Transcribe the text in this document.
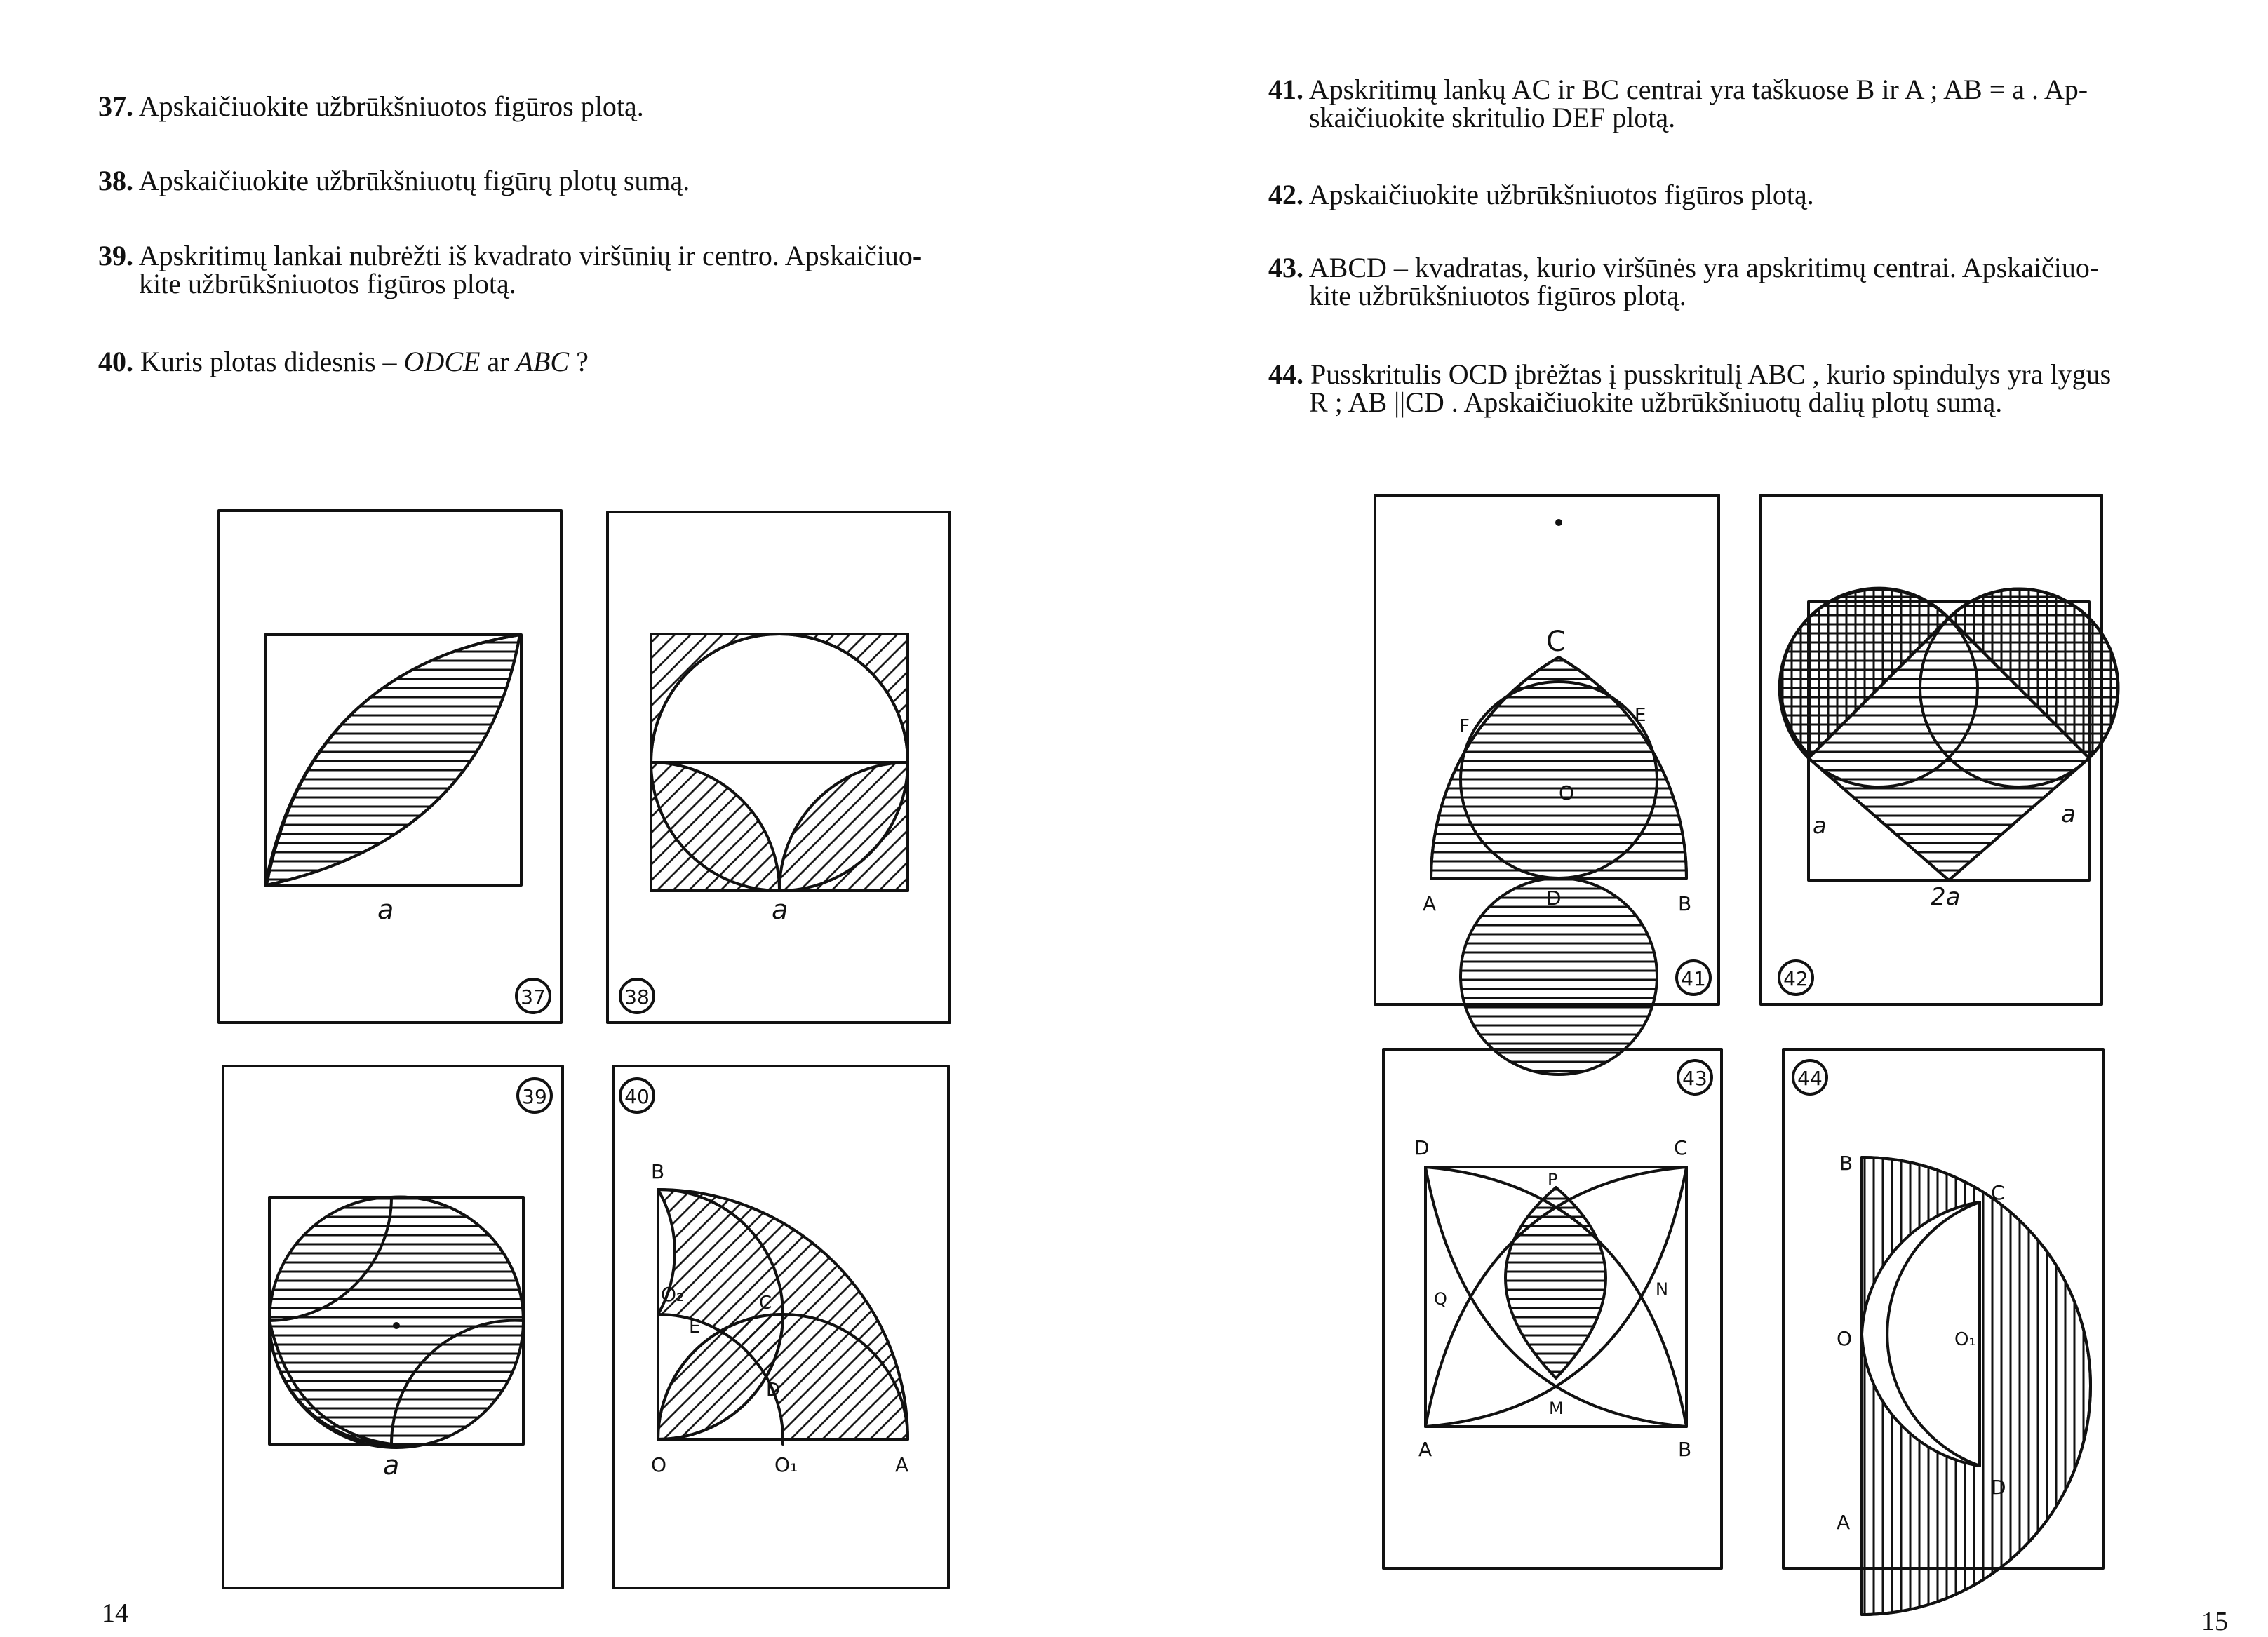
37. Apskaičiuokite užbrūkšniuotos figūros plotą.
38. Apskaičiuokite užbrūkšniuotų figūrų plotų sumą.
39. Apskritimų lankai nubrėžti iš kvadrato viršūnių ir centro. Apskaičiuo-
kite užbrūkšniuotos figūros plotą.
40. Kuris plotas didesnis – ODCE ar ABC ?
41. Apskritimų lankų AC ir BC centrai yra taškuose B ir A ; AB = a . Ap-
skaičiuokite skritulio DEF plotą.
42. Apskaičiuokite užbrūkšniuotos figūros plotą.
43. ABCD – kvadratas, kurio viršūnės yra apskritimų centrai. Apskaičiuo-
kite užbrūkšniuotos figūros plotą.
44. Pusskritulis OCD įbrėžtas į pusskritulį ABC , kurio spindulys yra lygus
R ; AB ||CD . Apskaičiuokite užbrūkšniuotų dalių plotų sumą.
14	15
a
37
a
38
a
39
B
O₂
E
C
D
O	O₁	A
40
C
F
E
O
A	D	B
41
a	a
2a
42
D	C
P
Q	N
M
A	B
43
B
C
O	O₁
D
A
44
